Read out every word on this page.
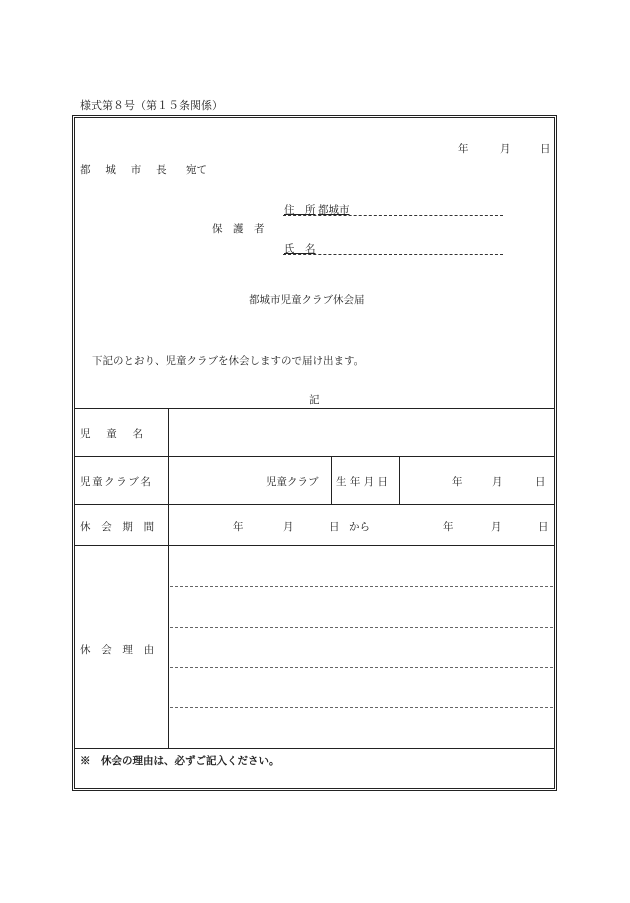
様式第８号（第１５条関係）
年	月	日
都 城 市 長 宛て
保　護　者
住　所 都城市
氏　名
都城市児童クラブ休会届
下記のとおり、児童クラブを休会しますので届け出ます。
記
児　童　名
児童クラブ名	児童クラブ 生 年 月 日	年	月	日
休 会 期 間	年	月	日 から	年	月	日
休 会 理 由
※　休会の理由は、必ずご記入ください。
